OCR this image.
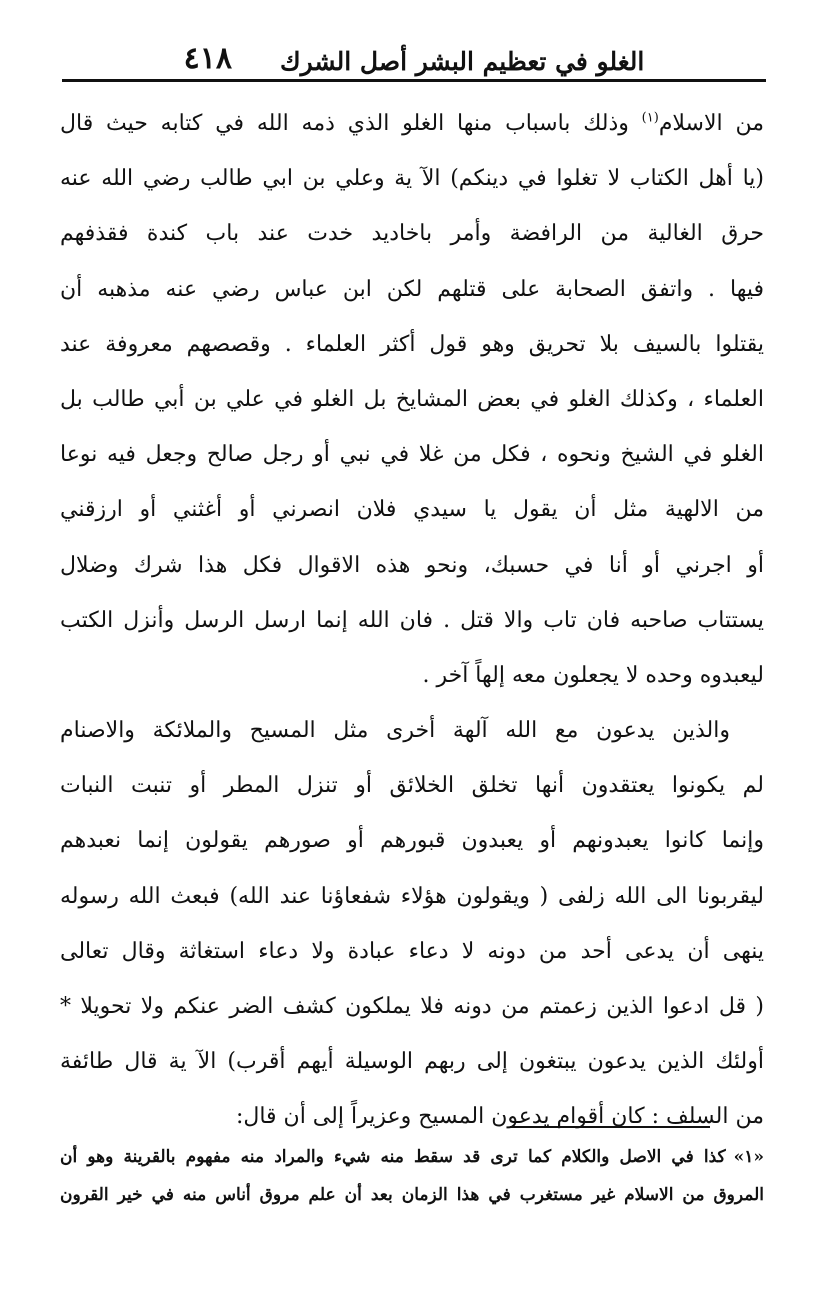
الغلو في تعظيم البشر أصل الشرك
٤١٨
من الاسلام$^{(١)}$ وذلك باسباب منها الغلو الذي ذمه الله في كتابه حيث قال
(يا أهل الكتاب لا تغلوا في دينكم) الآ ية وعلي بن ابي طالب رضي الله عنه
حرق الغالية من الرافضة وأمر باخاديد خدت عند باب كندة فقذفهم
فيها . واتفق الصحابة على قتلهم لكن ابن عباس رضي عنه مذهبه أن
يقتلوا بالسيف بلا تحريق وهو قول أكثر العلماء . وقصصهم معروفة عند
العلماء ، وكذلك الغلو في بعض المشايخ بل الغلو في علي بن أبي طالب بل
الغلو في الشيخ ونحوه ، فكل من غلا في نبي أو رجل صالح وجعل فيه نوعا
من الالهية مثل أن يقول يا سيدي فلان انصرني أو أغثني أو ارزقني
أو اجرني أو أنا في حسبك، ونحو هذه الاقوال فكل هذا شرك وضلال
يستتاب صاحبه فان تاب والا قتل . فان الله إنما ارسل الرسل وأنزل الكتب
ليعبدوه وحده لا يجعلون معه إلهاً آخر .
والذين يدعون مع الله آلهة أخرى مثل المسيح والملائكة والاصنام
لم يكونوا يعتقدون أنها تخلق الخلائق أو تنزل المطر أو تنبت النبات
وإنما كانوا يعبدونهم أو يعبدون قبورهم أو صورهم يقولون إنما نعبدهم
ليقربونا الى الله زلفى ( ويقولون هؤلاء شفعاؤنا عند الله) فبعث الله رسوله
ينهى أن يدعى أحد من دونه لا دعاء عبادة ولا دعاء استغاثة وقال تعالى
( قل ادعوا الذين زعمتم من دونه فلا يملكون كشف الضر عنكم ولا تحويلا *
أولئك الذين يدعون يبتغون إلى ربهم الوسيلة أيهم أقرب) الآ ية قال طائفة
من السلف : كان أقوام يدعون المسيح وعزيراً إلى أن قال:
«١»كذا في الاصل والكلام كما ترى قد سقط منه شيء والمراد منه مفهوم بالقرينة وهو أن
المروق من الاسلام غير مستغرب في هذا الزمان بعد أن علم مروق أناس منه في خير القرون
